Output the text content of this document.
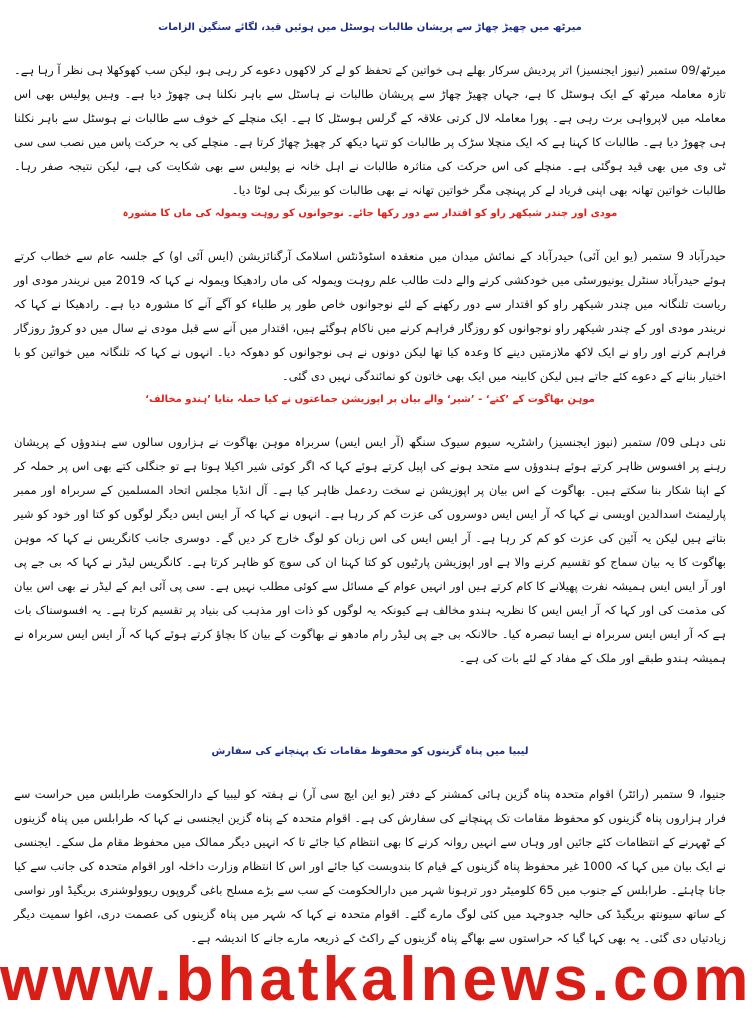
میرٹھ میں چھیڑ چھاڑ سے پریشان طالبات ہوسٹل میں ہوئیں قید، لگائے سنگین الزامات
میرٹھ/09 ستمبر (نیوز ایجنسیز) اتر پردیش سرکار بھلے ہی خواتین کے تحفظ کو لے کر لاکھوں دعوے کر رہی ہو، لیکن سب کھوکھلا ہی نظر آ رہا ہے۔ تازہ معاملہ میرٹھ کے ایک ہوسٹل کا ہے، جہاں چھیڑ چھاڑ سے پریشان طالبات نے ہاسٹل سے باہر نکلنا ہی چھوڑ دیا ہے۔ وہیں پولیس بھی اس معاملہ میں لاپرواہی برت رہی ہے۔ پورا معاملہ لال کرتی علاقہ کے گرلس ہوسٹل کا ہے۔ ایک منچلے کے خوف سے طالبات نے ہوسٹل سے باہر نکلنا ہی چھوڑ دیا ہے۔ طالبات کا کہنا ہے کہ ایک منچلا سڑک پر طالبات کو تنہا دیکھ کر چھیڑ چھاڑ کرتا ہے۔ منچلے کی یہ حرکت پاس میں نصب سی سی ٹی وی میں بھی قید ہوگئی ہے۔ منچلے کی اس حرکت کی متاثرہ طالبات نے اہل خانہ نے پولیس سے بھی شکایت کی ہے، لیکن نتیجہ صفر رہا۔ طالبات خواتین تھانہ بھی اپنی فریاد لے کر پہنچی مگر خواتین تھانہ نے بھی طالبات کو بیرنگ ہی لوٹا دیا۔
مودی اور چندر شیکھر راو کو اقتدار سے دور رکھا جائے۔ نوجوانوں کو روہت ویمولہ کی ماں کا مشورہ
حیدرآباد 9 ستمبر (یو این آئی) حیدرآباد کے نمائش میدان میں منعقدہ اسٹوڈنٹس اسلامک آرگنائزیشن (ایس آئی او) کے جلسہ عام سے خطاب کرتے ہوئے حیدرآباد سنٹرل یونیورسٹی میں خودکشی کرنے والے دلت طالب علم روہت ویمولہ کی ماں رادھیکا ویمولہ نے کہا کہ 2019 میں نریندر مودی اور ریاست تلنگانہ میں چندر شیکھر راو کو اقتدار سے دور رکھنے کے لئے نوجوانوں خاص طور پر طلباء کو آگے آنے کا مشورہ دیا ہے۔ رادھیکا نے کہا کہ نریندر مودی اور کے چندر شیکھر راو نوجوانوں کو روزگار فراہم کرنے میں ناکام ہوگئے ہیں، اقتدار میں آنے سے قبل مودی نے سال میں دو کروڑ روزگار فراہم کرنے اور راو نے ایک لاکھ ملازمتیں دینے کا وعدہ کیا تھا لیکن دونوں نے ہی نوجوانوں کو دھوکہ دیا۔ انہوں نے کہا کہ تلنگانہ میں خواتین کو با اختیار بنانے کے دعوے کئے جاتے ہیں لیکن کابینہ میں ایک بھی خاتون کو نمائندگی نہیں دی گئی۔
موہن بھاگوت کے ’کتے‘ - ’شیر‘ والے بیان پر اپوزیشن جماعتوں نے کیا حملہ بتایا ’ہندو مخالف‘
نئی دہلی 09/ ستمبر (نیوز ایجنسیز) راشٹریہ سیوم سیوک سنگھ (آر ایس ایس) سربراہ موہن بھاگوت نے ہزاروں سالوں سے ہندوؤں کے پریشان رہنے پر افسوس ظاہر کرتے ہوئے ہندوؤں سے متحد ہونے کی اپیل کرتے ہوئے کہا کہ اگر کوئی شیر اکیلا ہوتا ہے تو جنگلی کتے بھی اس پر حملہ کر کے اپنا شکار بنا سکتے ہیں۔ بھاگوت کے اس بیان پر اپوزیشن نے سخت ردعمل ظاہر کیا ہے۔ آل انڈیا مجلس اتحاد المسلمین کے سربراہ اور ممبر پارلیمنٹ اسدالدین اویسی نے کہا کہ آر ایس ایس دوسروں کی عزت کم کر رہا ہے۔ انہوں نے کہا کہ آر ایس ایس دیگر لوگوں کو کتا اور خود کو شیر بتاتے ہیں لیکن یہ آئین کی عزت کو کم کر رہا ہے۔ آر ایس ایس کی اس زبان کو لوگ خارج کر دیں گے۔ دوسری جانب کانگریس نے کہا کہ موہن بھاگوت کا یہ بیان سماج کو تقسیم کرنے والا ہے اور اپوزیشن پارٹیوں کو کتا کہنا ان کی سوچ کو ظاہر کرتا ہے۔ کانگریس لیڈر نے کہا کہ بی جے پی اور آر ایس ایس ہمیشہ نفرت پھیلانے کا کام کرتے ہیں اور انہیں عوام کے مسائل سے کوئی مطلب نہیں ہے۔ سی پی آئی ایم کے لیڈر نے بھی اس بیان کی مذمت کی اور کہا کہ آر ایس ایس کا نظریہ ہندو مخالف ہے کیونکہ یہ لوگوں کو ذات اور مذہب کی بنیاد پر تقسیم کرتا ہے۔ یہ افسوسناک بات ہے کہ آر ایس ایس سربراہ نے ایسا تبصرہ کیا۔ حالانکہ بی جے پی لیڈر رام مادھو نے بھاگوت کے بیان کا بچاؤ کرتے ہوئے کہا کہ آر ایس ایس سربراہ نے ہمیشہ ہندو طبقے اور ملک کے مفاد کے لئے بات کی ہے۔
لیبیا میں پناہ گزینوں کو محفوظ مقامات تک پہنچانے کی سفارش
جنیوا، 9 ستمبر (رائٹر) اقوام متحدہ پناہ گزین ہائی کمشنر کے دفتر (یو این ایچ سی آر) نے ہفتہ کو لیبیا کے دارالحکومت طرابلس میں حراست سے فرار ہزاروں پناہ گزینوں کو محفوظ مقامات تک پہنچانے کی سفارش کی ہے۔ اقوام متحدہ کے پناہ گزین ایجنسی نے کہا کہ طرابلس میں پناہ گزینوں کے ٹھہرنے کے انتظامات کئے جائیں اور وہاں سے انہیں روانہ کرنے کا بھی انتظام کیا جائے تا کہ انہیں دیگر ممالک میں محفوظ مقام مل سکے۔ ایجنسی نے ایک بیان میں کہا کہ 1000 غیر محفوظ پناہ گزینوں کے قیام کا بندوبست کیا جائے اور اس کا انتظام وزارت داخلہ اور اقوام متحدہ کی جانب سے کیا جانا چاہئے۔ طرابلس کے جنوب میں 65 کلومیٹر دور ترہونا شہر میں دارالحکومت کے سب سے بڑے مسلح باغی گروپوں ریوولوشنری بریگیڈ اور نواسی کے ساتھ سیونتھ بریگیڈ کی حالیہ جدوجہد میں کئی لوگ مارے گئے۔ اقوام متحدہ نے کہا کہ شہر میں پناہ گزینوں کی عصمت دری، اغوا سمیت دیگر زیادتیاں دی گئی۔ یہ بھی کہا گیا کہ حراستوں سے بھاگے پناہ گزینوں کے راکٹ کے ذریعہ مارے جانے کا اندیشہ ہے۔
www.bhatkalnews.com
